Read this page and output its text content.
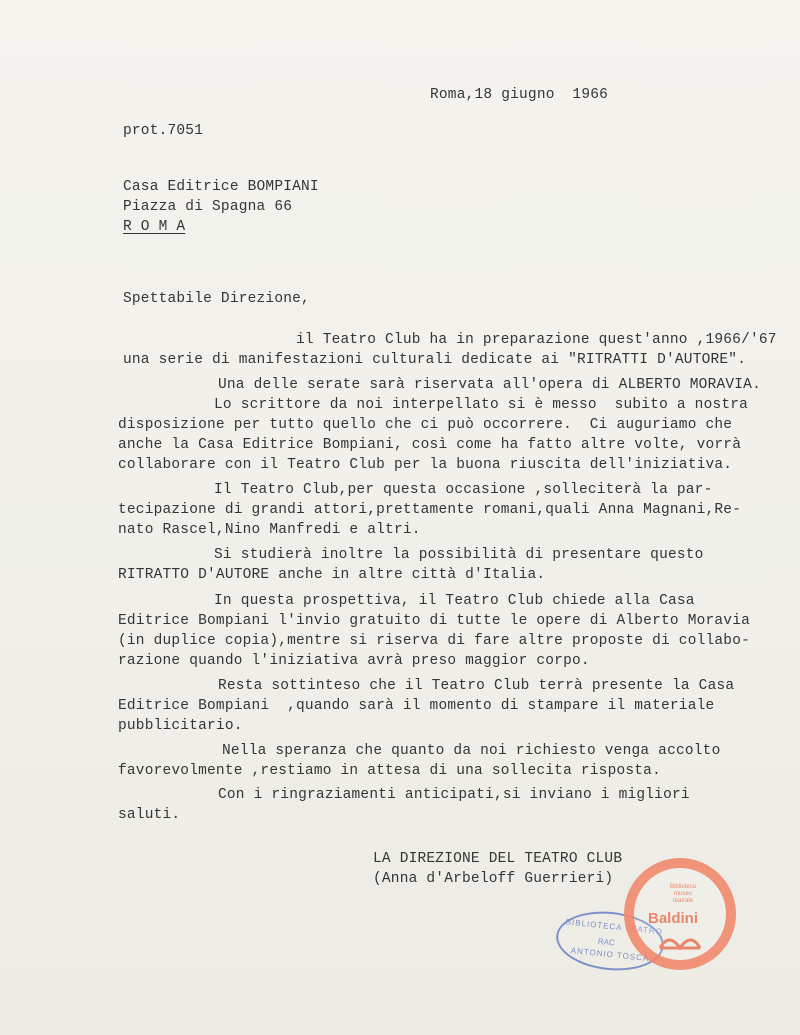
Roma,18 giugno  1966
prot.7051
Casa Editrice BOMPIANI
Piazza di Spagna 66
R O M A
Spettabile Direzione,
il Teatro Club ha in preparazione quest'anno ,1966/'67
una serie di manifestazioni culturali dedicate ai "RITRATTI D'AUTORE".
Una delle serate sarà riservata all'opera di ALBERTO MORAVIA.
Lo scrittore da noi interpellato si è messo  subito a nostra
disposizione per tutto quello che ci può occorrere.  Ci auguriamo che
anche la Casa Editrice Bompiani, così come ha fatto altre volte, vorrà
collaborare con il Teatro Club per la buona riuscita dell'iniziativa.
Il Teatro Club,per questa occasione ,solleciterà la par-
tecipazione di grandi attori,prettamente romani,quali Anna Magnani,Re-
nato Rascel,Nino Manfredi e altri.
Si studierà inoltre la possibilità di presentare questo
RITRATTO D'AUTORE anche in altre città d'Italia.
In questa prospettiva, il Teatro Club chiede alla Casa
Editrice Bompiani l'invio gratuito di tutte le opere di Alberto Moravia
(in duplice copia),mentre si riserva di fare altre proposte di collabo-
razione quando l'iniziativa avrà preso maggior corpo.
Resta sottinteso che il Teatro Club terrà presente la Casa
Editrice Bompiani  ,quando sarà il momento di stampare il materiale
pubblicitario.
Nella speranza che quanto da noi richiesto venga accolto
favorevolmente ,restiamo in attesa di una sollecita risposta.
Con i ringraziamenti anticipati,si inviano i migliori
saluti.
LA DIREZIONE DEL TEATRO CLUB
(Anna d'Arbeloff Guerrieri)
BIBLIOTECA TEATRO
RAC
ANTONIO TOSCA
Biblioteca museo teatrale
Baldini
